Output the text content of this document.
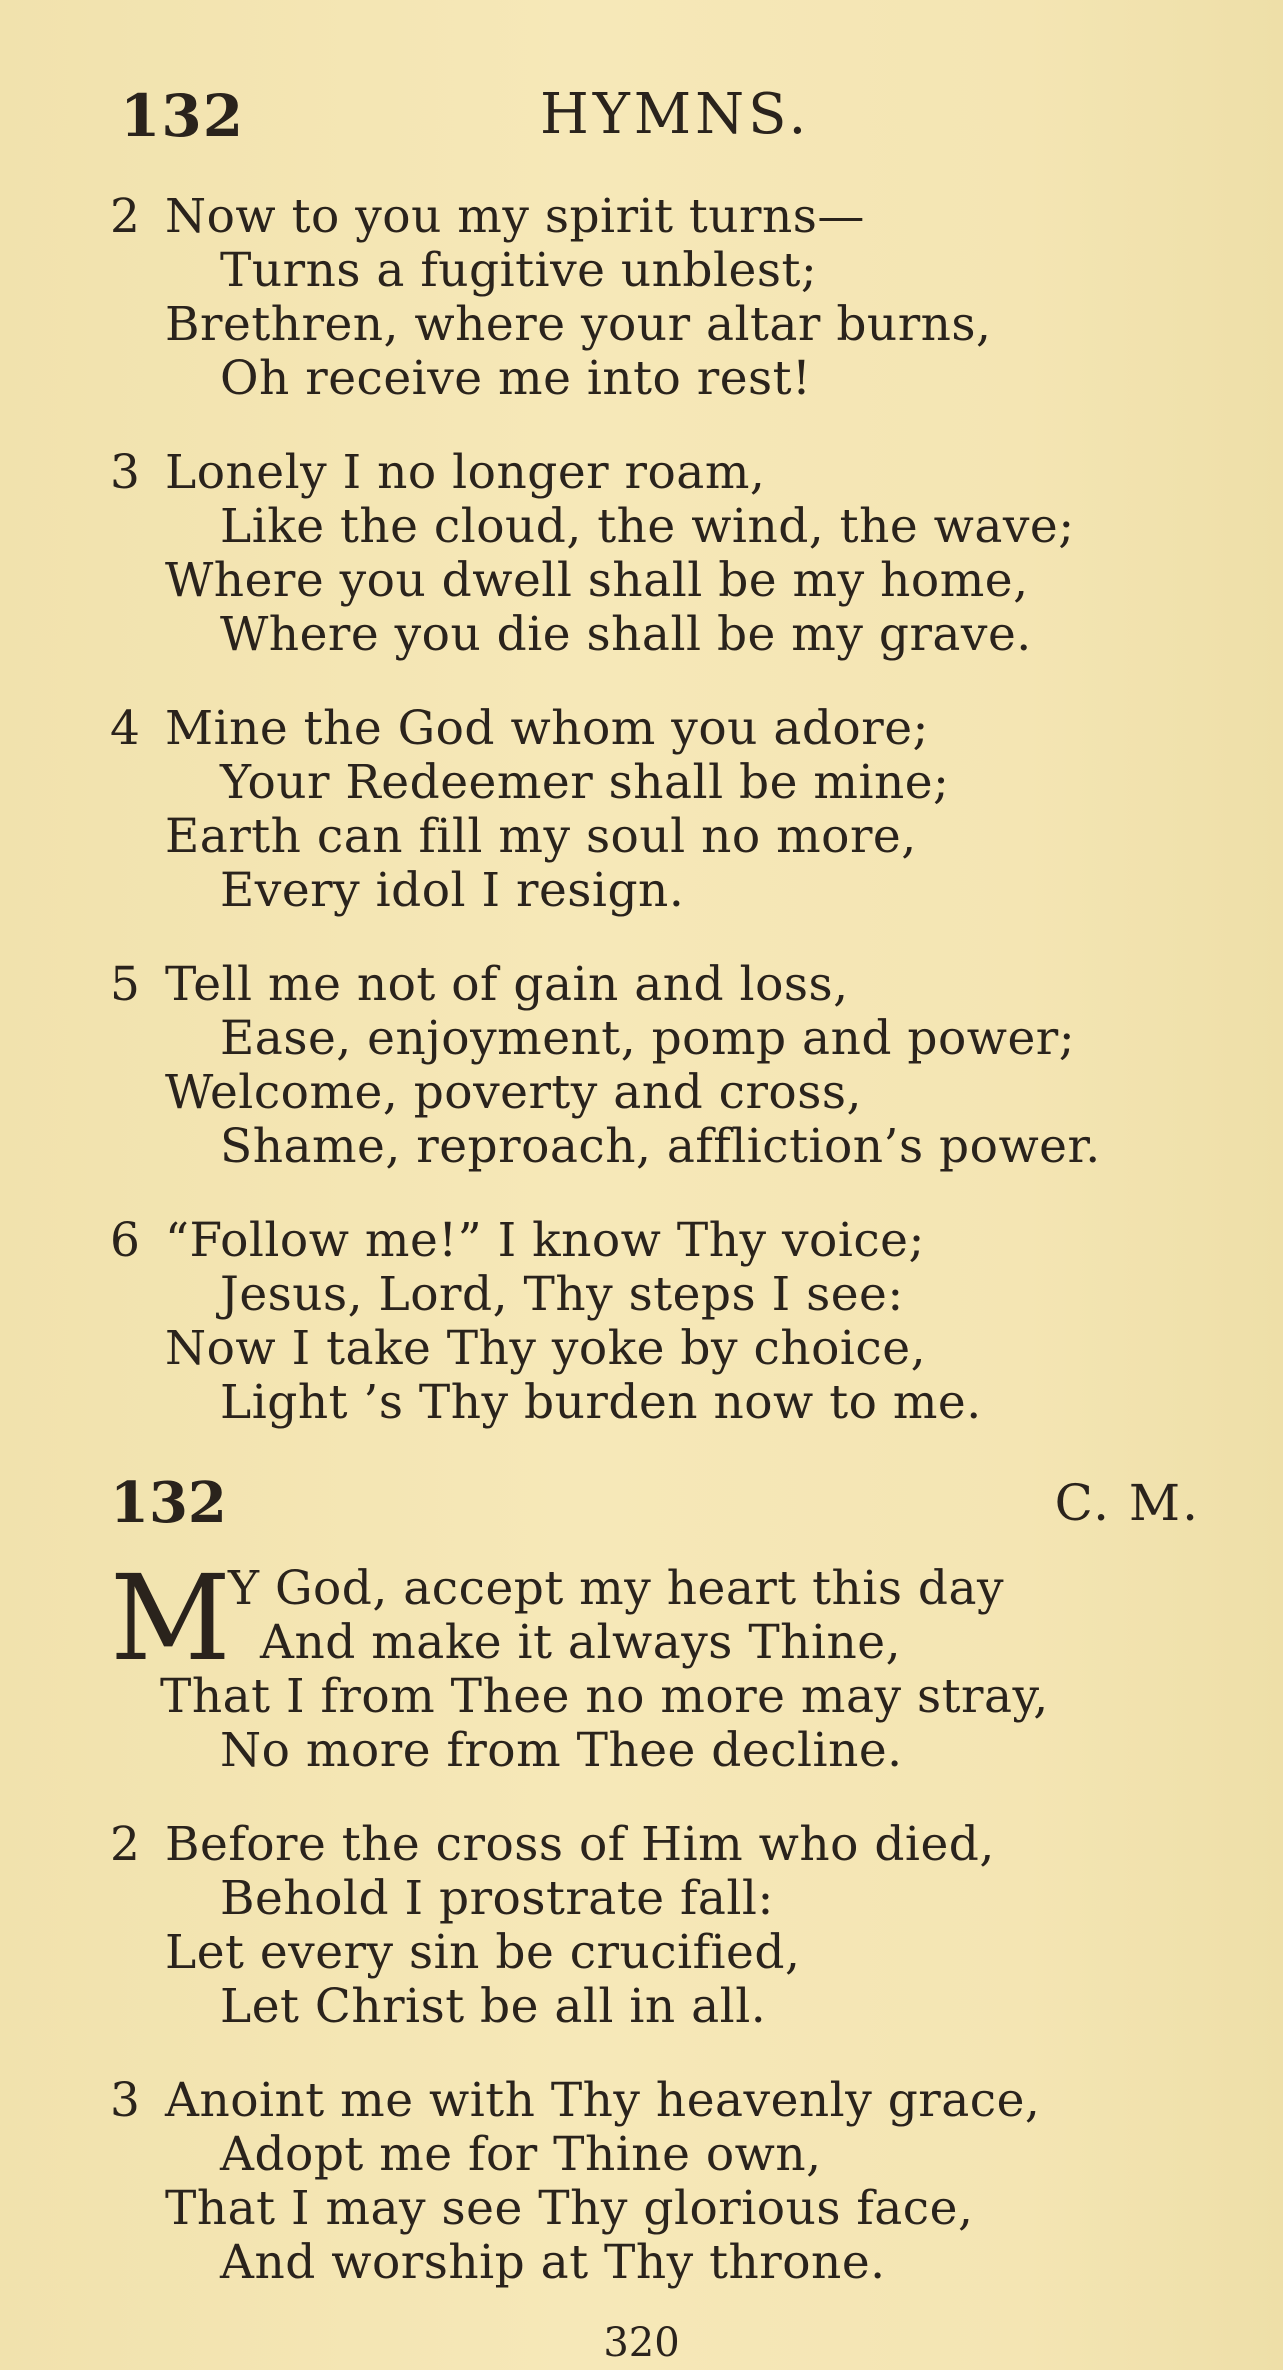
132	HYMNS.
2 Now to you my spirit turns—
Turns a fugitive unblest;
Brethren, where your altar burns,
Oh receive me into rest!
3 Lonely I no longer roam,
Like the cloud, the wind, the wave;
Where you dwell shall be my home,
Where you die shall be my grave.
4 Mine the God whom you adore;
Your Redeemer shall be mine;
Earth can fill my soul no more,
Every idol I resign.
5 Tell me not of gain and loss,
Ease, enjoyment, pomp and power;
Welcome, poverty and cross,
Shame, reproach, affliction’s power.
6 “Follow me!” I know Thy voice;
Jesus, Lord, Thy steps I see:
Now I take Thy yoke by choice,
Light ’s Thy burden now to me.
132	C. M.
M
Y God, accept my heart this day
And make it always Thine,
That I from Thee no more may stray,
No more from Thee decline.
2 Before the cross of Him who died,
Behold I prostrate fall:
Let every sin be crucified,
Let Christ be all in all.
3 Anoint me with Thy heavenly grace,
Adopt me for Thine own,
That I may see Thy glorious face,
And worship at Thy throne.
320
